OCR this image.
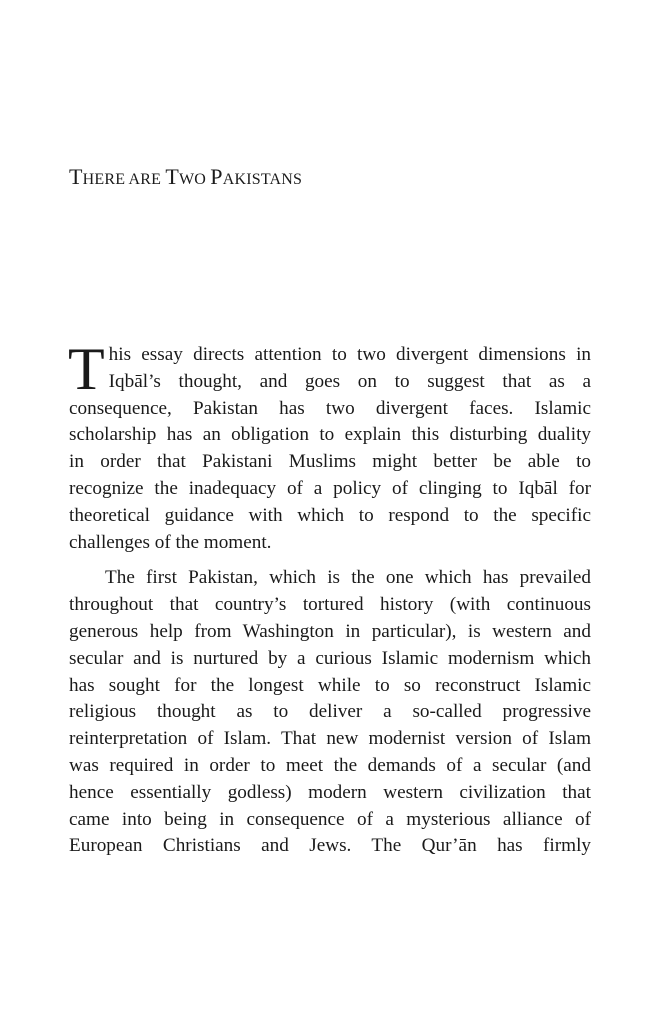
THERE ARE TWO PAKISTANS
T his essay directs attention to two divergent dimensions in
Iqbāl’s thought, and goes on to suggest that as a
consequence, Pakistan has two divergent faces. Islamic
scholarship has an obligation to explain this disturbing duality
in order that Pakistani Muslims might better be able to
recognize the inadequacy of a policy of clinging to Iqbāl for
theoretical guidance with which to respond to the specific
challenges of the moment.
The first Pakistan, which is the one which has prevailed
throughout that country’s tortured history (with continuous
generous help from Washington in particular), is western and
secular and is nurtured by a curious Islamic modernism which
has sought for the longest while to so reconstruct Islamic
religious thought as to deliver a so-called progressive
reinterpretation of Islam. That new modernist version of Islam
was required in order to meet the demands of a secular (and
hence essentially godless) modern western civilization that
came into being in consequence of a mysterious alliance of
European Christians and Jews. The Qur’ān has firmly
